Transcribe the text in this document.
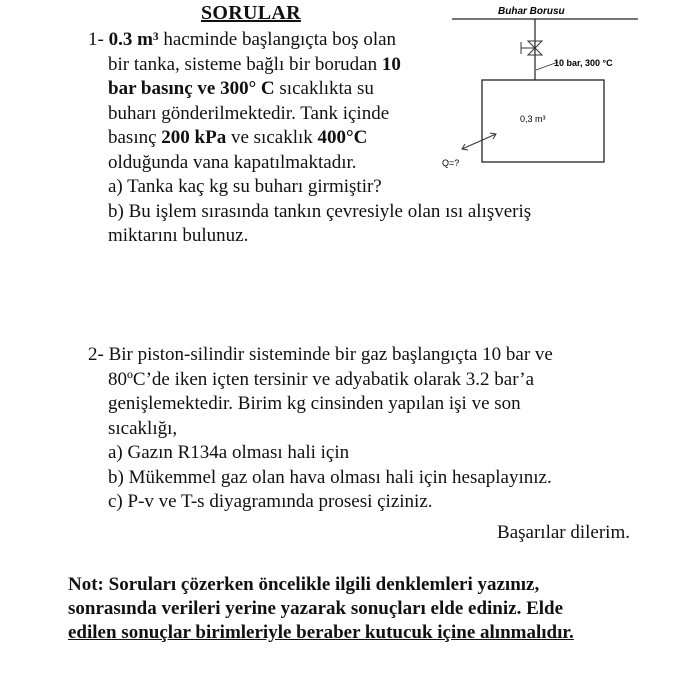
SORULAR
1- 0.3 m³ hacminde başlangıçta boş olan
bir tanka, sisteme bağlı bir borudan 10
bar basınç ve 300° C sıcaklıkta su
buharı gönderilmektedir. Tank içinde
basınç 200 kPa ve sıcaklık 400°C
olduğunda vana kapatılmaktadır.
a) Tanka kaç kg su buharı girmiştir?
b) Bu işlem sırasında tankın çevresiyle olan ısı alışveriş
miktarını bulunuz.
Buhar Borusu
10 bar, 300 °C
0,3 m³
Q=?
2- Bir piston-silindir sisteminde bir gaz başlangıçta 10 bar ve
80ºC’de iken içten tersinir ve adyabatik olarak 3.2 bar’a
genişlemektedir. Birim kg cinsinden yapılan işi ve son
sıcaklığı,
a) Gazın R134a olması hali için
b) Mükemmel gaz olan hava olması hali için hesaplayınız.
c) P-v ve T-s diyagramında prosesi çiziniz.
Başarılar dilerim.
Not: Soruları çözerken öncelikle ilgili denklemleri yazınız,
sonrasında verileri yerine yazarak sonuçları elde ediniz. Elde
edilen sonuçlar birimleriyle beraber kutucuk içine alınmalıdır.
